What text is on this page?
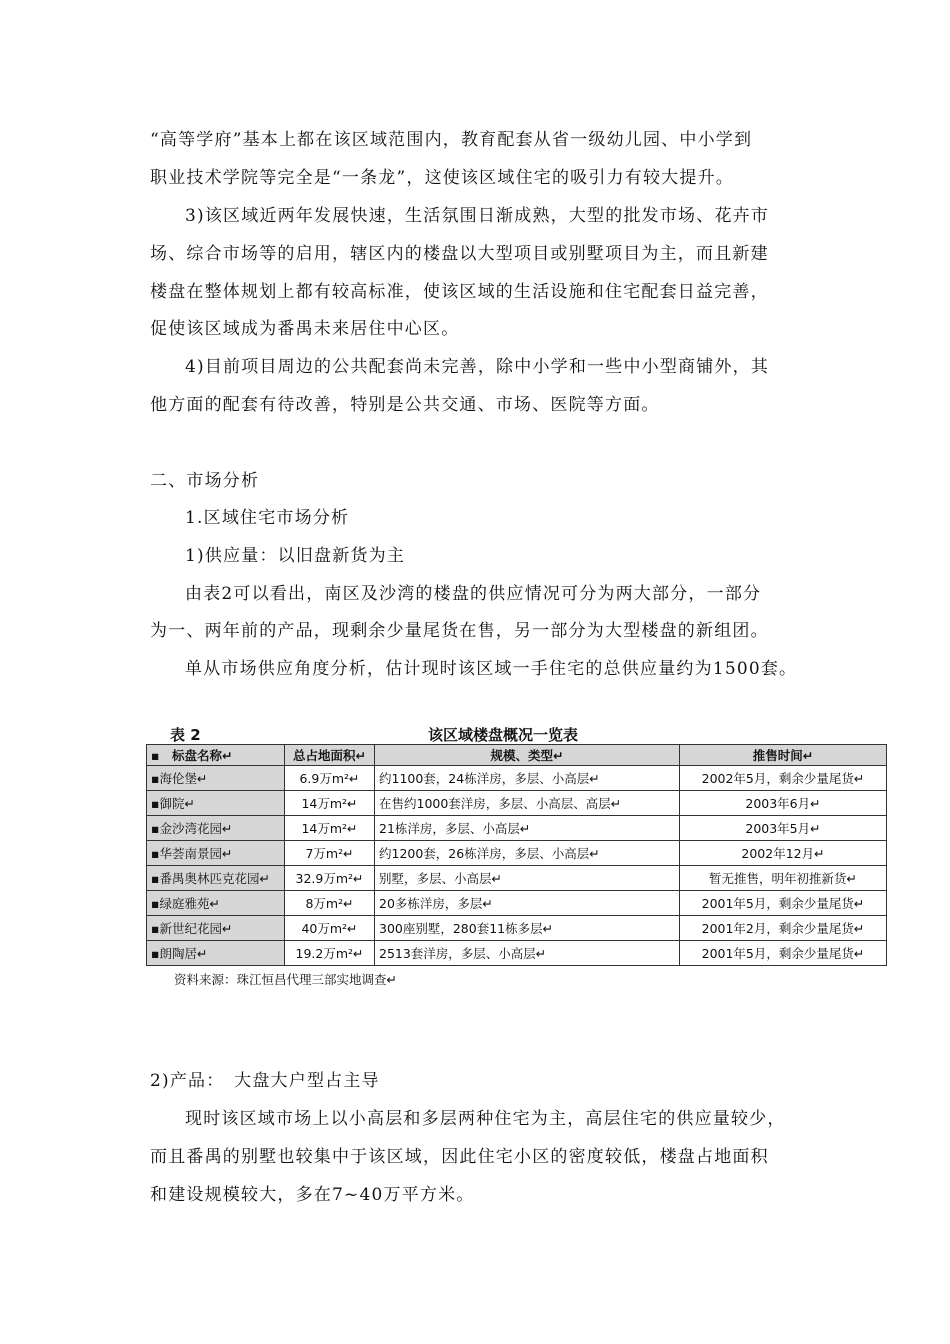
“高等学府”基本上都在该区域范围内，教育配套从省一级幼儿园、中小学到
职业技术学院等完全是“一条龙”，这使该区域住宅的吸引力有较大提升。
3)该区域近两年发展快速，生活氛围日渐成熟，大型的批发市场、花卉市
场、综合市场等的启用，辖区内的楼盘以大型项目或别墅项目为主，而且新建
楼盘在整体规划上都有较高标准，使该区域的生活设施和住宅配套日益完善，
促使该区域成为番禺未来居住中心区。
4)目前项目周边的公共配套尚未完善，除中小学和一些中小型商铺外，其
他方面的配套有待改善，特别是公共交通、市场、医院等方面。
二、市场分析
1.区域住宅市场分析
1)供应量：以旧盘新货为主
由表2可以看出，南区及沙湾的楼盘的供应情况可分为两大部分，一部分
为一、两年前的产品，现剩余少量尾货在售，另一部分为大型楼盘的新组团。
单从市场供应角度分析，估计现时该区域一手住宅的总供应量约为1500套。
表 2	该区域楼盘概况一览表
▪　标盘名称↵	总占地面积↵	规模、类型↵	推售时间↵
▪海伦堡↵	6.9万m²↵	约1100套，24栋洋房，多层、小高层↵	2002年5月，剩余少量尾货↵
▪御院↵	14万m²↵	在售约1000套洋房，多层、小高层、高层↵	2003年6月↵
▪金沙湾花园↵	14万m²↵	21栋洋房，多层、小高层↵	2003年5月↵
▪华荟南景园↵	7万m²↵	约1200套，26栋洋房，多层、小高层↵	2002年12月↵
▪番禺奥林匹克花园↵	32.9万m²↵	别墅，多层、小高层↵	暂无推售，明年初推新货↵
▪绿庭雅苑↵	8万m²↵	20多栋洋房，多层↵	2001年5月，剩余少量尾货↵
▪新世纪花园↵	40万m²↵	300座别墅，280套11栋多层↵	2001年2月，剩余少量尾货↵
▪朗陶居↵	19.2万m²↵	2513套洋房，多层、小高层↵	2001年5月，剩余少量尾货↵
资料来源：珠江恒昌代理三部实地调查↵
2)产品：　大盘大户型占主导
现时该区域市场上以小高层和多层两种住宅为主，高层住宅的供应量较少，
而且番禺的别墅也较集中于该区域，因此住宅小区的密度较低，楼盘占地面积
和建设规模较大，多在7~40万平方米。
